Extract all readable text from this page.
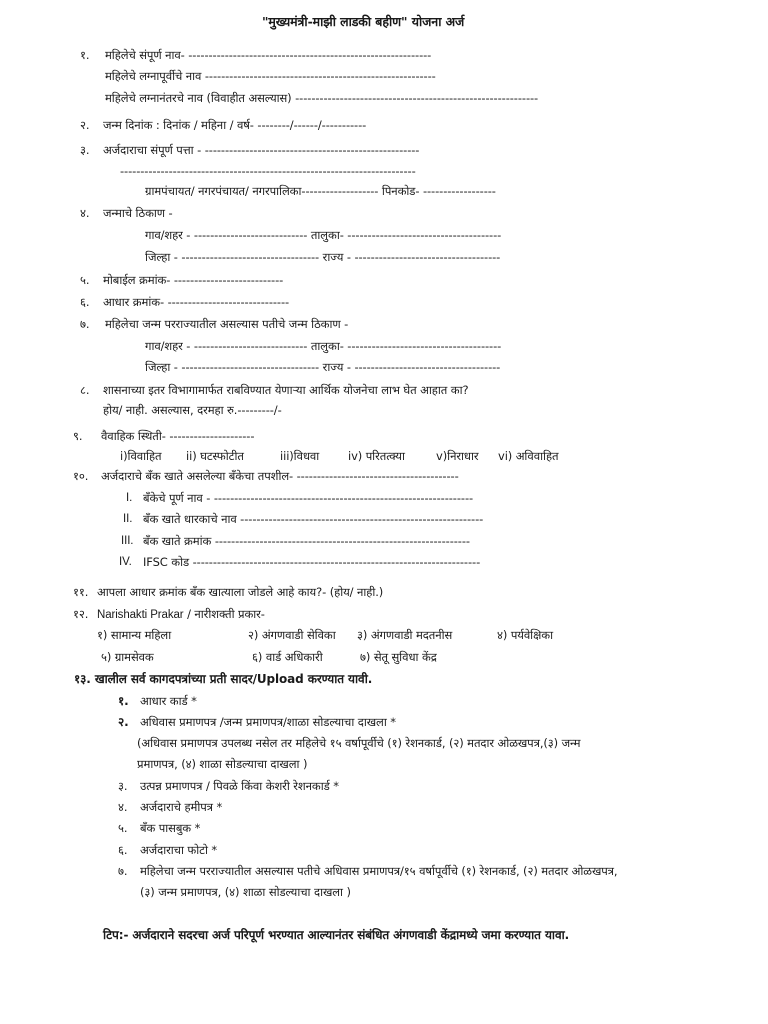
"मुख्यमंत्री-माझी लाडकी बहीण" योजना अर्ज
१. महिलेचे संपूर्ण नाव- ------------------------------------------------------------
महिलेचे लग्नापूर्वीचे नाव ---------------------------------------------------------
महिलेचे लग्नानंतरचे नाव (विवाहीत असल्यास) ------------------------------------------------------------
२. जन्म दिनांक : दिनांक / महिना / वर्ष- --------/------/-----------
३. अर्जदाराचा संपूर्ण पत्ता - -----------------------------------------------------
-------------------------------------------------------------------------
ग्रामपंचायत/ नगरपंचायत/ नगरपालिका------------------- पिनकोड- ------------------
४. जन्माचे ठिकाण -
गाव/शहर - ---------------------------- तालुका- --------------------------------------
जिल्हा - ---------------------------------- राज्य - ------------------------------------
५. मोबाईल क्रमांक- ---------------------------
६. आधार क्रमांक- ------------------------------
७. महिलेचा जन्म परराज्यातील असल्यास पतीचे जन्म ठिकाण -
गाव/शहर - ---------------------------- तालुका- --------------------------------------
जिल्हा - ---------------------------------- राज्य - ------------------------------------
८. शासनाच्या इतर विभागामार्फत राबविण्यात येणाऱ्या आर्थिक योजनेचा लाभ घेत आहात का?
होय/ नाही. असल्यास, दरमहा रु.---------/-
९. वैवाहिक स्थिती- ---------------------
i)विवाहित ii) घटस्फोटीत	iii)विधवा	iv) परितत्क्या	v)निराधार vi) अविवाहित
१०. अर्जदाराचे बँक खाते असलेल्या बँकेचा तपशील- ----------------------------------------
I. बँकेचे पूर्ण नाव - ----------------------------------------------------------------
II. बँक खाते धारकाचे नाव ------------------------------------------------------------
III. बँक खाते क्रमांक ---------------------------------------------------------------
IV. IFSC कोड -----------------------------------------------------------------------
११. आपला आधार क्रमांक बँक खात्याला जोडले आहे काय?- (होय/ नाही.)
१२. Narishakti Prakar / नारीशक्ती प्रकार-
१) सामान्य महिला	२) अंगणवाडी सेविका ३) अंगणवाडी मदतनीस	४) पर्यवेक्षिका
५) ग्रामसेवक	६) वार्ड अधिकारी	७) सेतू सुविधा केंद्र
१३. खालील सर्व कागदपत्रांच्या प्रती सादर/Upload करण्यात यावी.
१. आधार कार्ड *
२. अधिवास प्रमाणपत्र /जन्म प्रमाणपत्र/शाळा सोडल्याचा दाखला *
(अधिवास प्रमाणपत्र उपलब्ध नसेल तर महिलेचे १५ वर्षापूर्वीचे (१) रेशनकार्ड, (२) मतदार ओळखपत्र,(३) जन्म
प्रमाणपत्र, (४) शाळा सोडल्याचा दाखला )
३. उत्पन्न प्रमाणपत्र / पिवळे किंवा केशरी रेशनकार्ड *
४. अर्जदाराचे हमीपत्र *
५. बँक पासबुक *
६. अर्जदाराचा फोटो *
७. महिलेचा जन्म परराज्यातील असल्यास पतीचे अधिवास प्रमाणपत्र/१५ वर्षापूर्वीचे (१) रेशनकार्ड, (२) मतदार ओळखपत्र,
(३) जन्म प्रमाणपत्र, (४) शाळा सोडल्याचा दाखला )
टिप:- अर्जदाराने सदरचा अर्ज परिपूर्ण भरण्यात आल्यानंतर संबंधित अंगणवाडी केंद्रामध्ये जमा करण्यात यावा.
